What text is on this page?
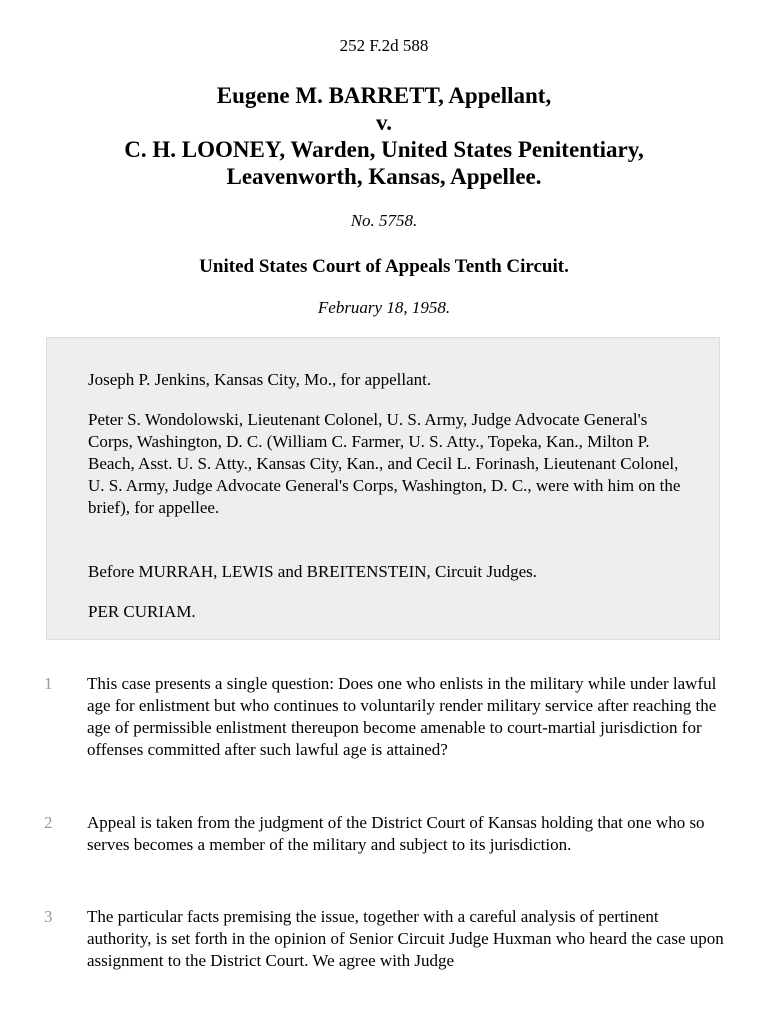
252 F.2d 588
Eugene M. BARRETT, Appellant,
v.
C. H. LOONEY, Warden, United States Penitentiary,
Leavenworth, Kansas, Appellee.
No. 5758.
United States Court of Appeals Tenth Circuit.
February 18, 1958.

Joseph P. Jenkins, Kansas City, Mo., for appellant.

Peter S. Wondolowski, Lieutenant Colonel, U. S. Army, Judge Advocate General's Corps, Washington, D. C. (William C. Farmer, U. S. Atty., Topeka, Kan., Milton P. Beach, Asst. U. S. Atty., Kansas City, Kan., and Cecil L. Forinash, Lieutenant Colonel, U. S. Army, Judge Advocate General's Corps, Washington, D. C., were with him on the brief), for appellee.

Before MURRAH, LEWIS and BREITENSTEIN, Circuit Judges.

PER CURIAM.

1 This case presents a single question: Does one who enlists in the military while under lawful age for enlistment but who continues to voluntarily render military service after reaching the age of permissible enlistment thereupon become amenable to court-martial jurisdiction for offenses committed after such lawful age is attained?

2 Appeal is taken from the judgment of the District Court of Kansas holding that one who so serves becomes a member of the military and subject to its jurisdiction.

3 The particular facts premising the issue, together with a careful analysis of pertinent authority, is set forth in the opinion of Senior Circuit Judge Huxman who heard the case upon assignment to the District Court. We agree with Judge
